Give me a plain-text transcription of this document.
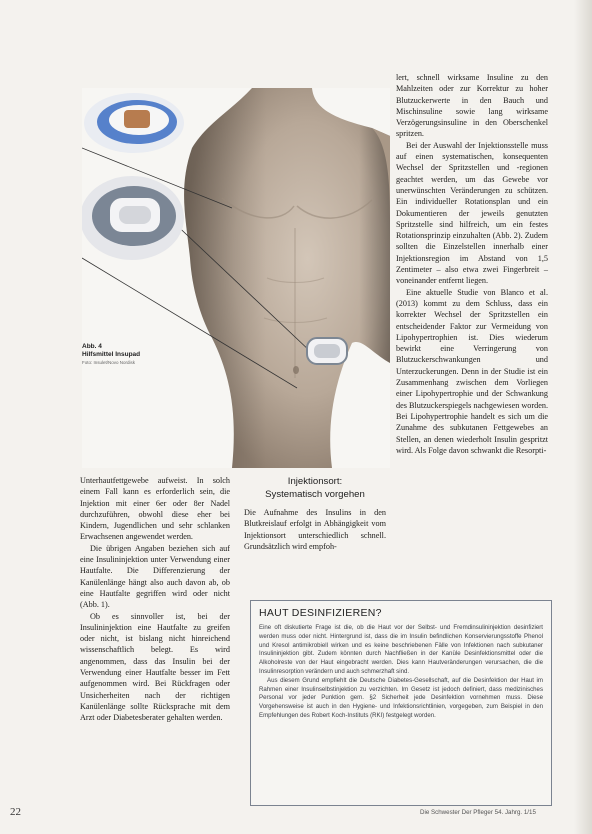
Abb. 4
Hilfsmittel Insupad
Foto: Insulet/Novo Nordisk

lert, schnell wirksame Insuline zu den Mahlzeiten oder zur Korrektur zu hoher Blutzuckerwerte in den Bauch und Mischinsuline sowie lang wirksame Verzögerungsinsuline in den Oberschenkel spritzen.

Bei der Auswahl der Injektionsstelle muss auf einen systematischen, konsequenten Wechsel der Spritzstellen und -regionen geachtet werden, um das Gewebe vor unerwünschten Veränderungen zu schützen. Ein individueller Rotationsplan und ein Dokumentieren der jeweils genutzten Spritzstelle sind hilfreich, um ein festes Rotationsprinzip einzuhalten (Abb. 2). Zudem sollten die Einzelstellen innerhalb einer Injektionsregion im Abstand von 1,5 Zentimeter – also etwa zwei Fingerbreit – voneinander entfernt liegen.

Eine aktuelle Studie von Blanco et al. (2013) kommt zu dem Schluss, dass ein korrekter Wechsel der Spritzstellen ein entscheidender Faktor zur Vermeidung von Lipohypertrophien ist. Dies wiederum bewirkt eine Verringerung von Blutzuckerschwankungen und Unterzuckerungen. Denn in der Studie ist ein Zusammenhang zwischen dem Vorliegen einer Lipohypertrophie und der Schwankung des Blutzuckerspiegels nachgewiesen worden. Bei Lipohypertrophie handelt es sich um die Zunahme des subkutanen Fettgewebes an Stellen, an denen wiederholt Insulin gespritzt wird. Als Folge davon schwankt die Resorpti-

Unterhautfettgewebe aufweist. In solch einem Fall kann es erforderlich sein, die Injektion mit einer 6er oder 8er Nadel durchzuführen, obwohl diese eher bei Kindern, Jugendlichen und sehr schlanken Erwachsenen angewendet werden.

Die übrigen Angaben beziehen sich auf eine Insulininjektion unter Verwendung einer Hautfalte. Die Differenzierung der Kanülenlänge hängt also auch davon ab, ob eine Hautfalte gegriffen wird oder nicht (Abb. 1).

Ob es sinnvoller ist, bei der Insulininjektion eine Hautfalte zu greifen oder nicht, ist bislang nicht hinreichend wissenschaftlich belegt. Es wird angenommen, dass das Insulin bei der Verwendung einer Hautfalte besser im Fett aufgenommen wird. Bei Rückfragen oder Unsicherheiten nach der richtigen Kanülenlänge sollte Rücksprache mit dem Arzt oder Diabetesberater gehalten werden.

Injektionsort:
Systematisch vorgehen

Die Aufnahme des Insulins in den Blutkreislauf erfolgt in Abhängigkeit vom Injektionsort unterschiedlich schnell. Grundsätzlich wird empfoh-

HAUT DESINFIZIEREN?

Eine oft diskutierte Frage ist die, ob die Haut vor der Selbst- und Fremdinsulininjektion desinfiziert werden muss oder nicht. Hintergrund ist, dass die im Insulin befindlichen Konservierungsstoffe Phenol und Kresol antimikrobiell wirken und es keine beschriebenen Fälle von Infektionen nach subkutaner Insulininjektion gibt. Zudem könnten durch Nachfließen in der Kanüle Desinfektionsmittel oder die Alkoholreste von der Haut eingebracht werden. Dies kann Hautveränderungen verursachen, die die Insulinresorption verändern und auch schmerzhaft sind.

Aus diesem Grund empfiehlt die Deutsche Diabetes-Gesellschaft, auf die Desinfektion der Haut im Rahmen einer Insulinselbstinjektion zu verzichten. Im Gesetz ist jedoch definiert, dass medizinisches Personal vor jeder Punktion gem. §2 Sicherheit jede Desinfektion vornehmen muss. Diese Vorgehensweise ist auch in den Hygiene- und Infektionsrichtlinien, vorgegeben, zum Beispiel in den Empfehlungen des Robert Koch-Instituts (RKI) festgelegt worden.

22	Die Schwester Der Pfleger 54. Jahrg. 1/15
